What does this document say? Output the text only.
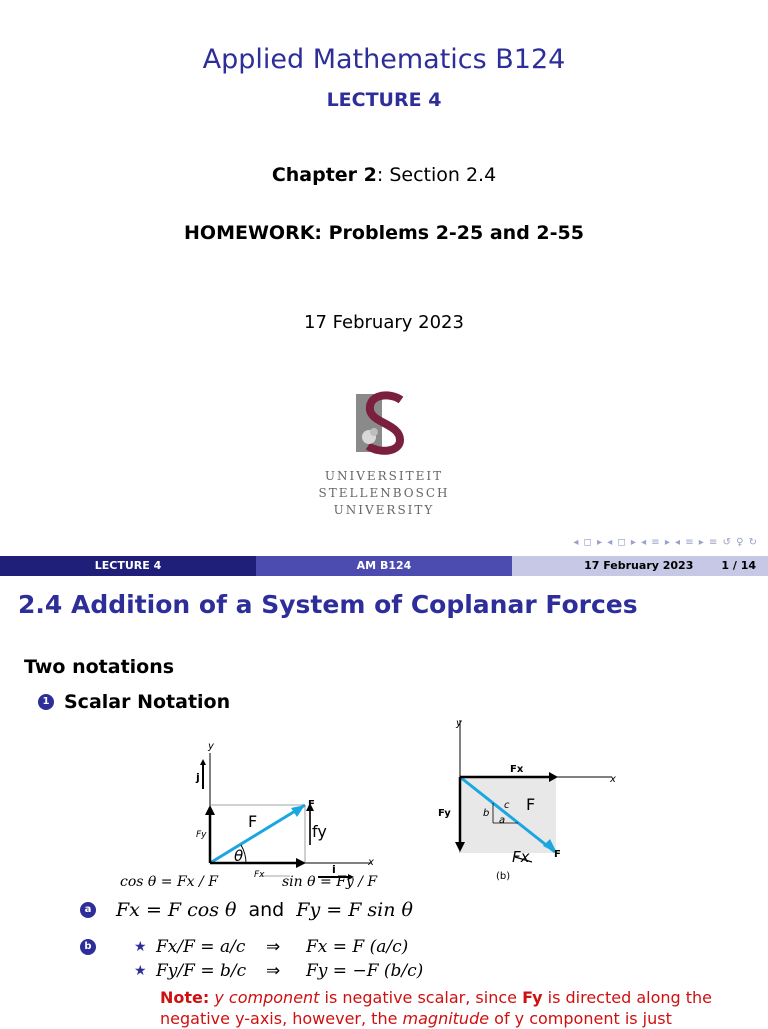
Applied Mathematics B124
LECTURE 4
Chapter 2: Section 2.4
HOMEWORK: Problems 2-25 and 2-55
17 February 2023
UNIVERSITEIT
STELLENBOSCH
UNIVERSITY
◂ ◻ ▸ ◂ ◻ ▸ ◂ ≡ ▸ ◂ ≡ ▸ ≡ ↺ ♀ ↻
LECTURE 4	AM B124	17 February 2023	1 / 14
2.4 Addition of a System of Coplanar Forces
Two notations
1 Scalar Notation
y
x
j
i
F
Fy
Fx
F
θ
fy
cos θ = Fx / F	sin θ = Fy / F
y
x
Fx
Fy	F
F
b
c
a
Fx
(b)
a Fx = F cos θ and Fy = F sin θ
b	★ Fx/F = a/c	⇒	Fx = F (a/c)
★ Fy/F = b/c	⇒	Fy = −F (b/c)
Note: y component is negative scalar, since Fy is directed along the
negative y-axis, however, the magnitude of y component is just
